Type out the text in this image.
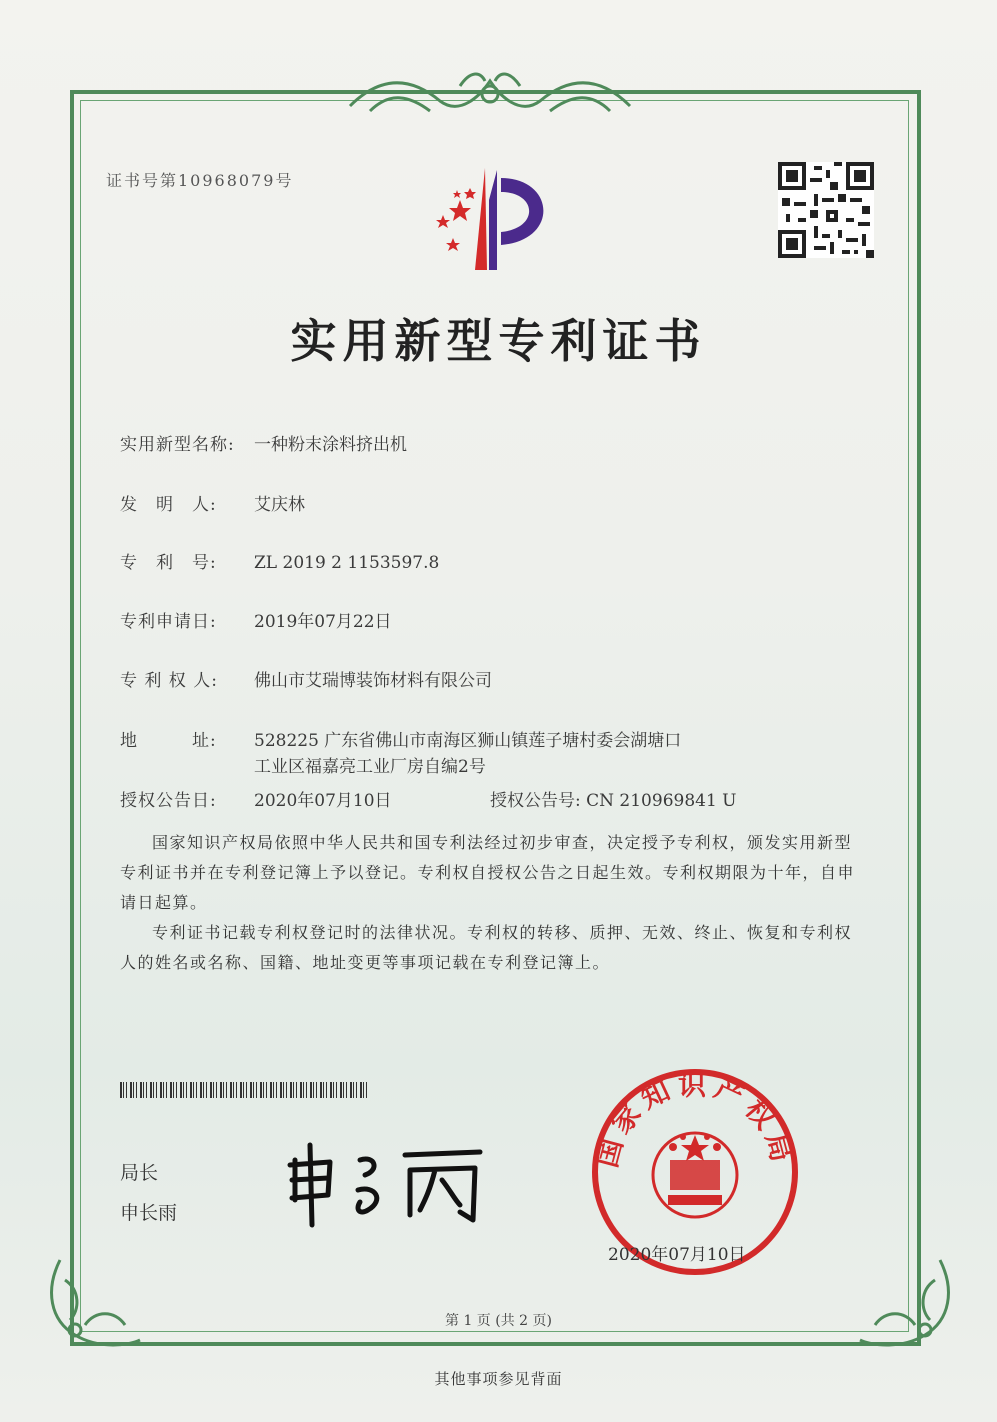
证书号第10968079号
实用新型专利证书
实用新型名称: 一种粉末涂料挤出机
发　明　人: 艾庆林
专　利　号: ZL 2019 2 1153597.8
专利申请日: 2019年07月22日
专 利 权 人: 佛山市艾瑞博装饰材料有限公司
地　　　址: 528225 广东省佛山市南海区狮山镇莲子塘村委会湖塘口
工业区福嘉亮工业厂房自编2号
授权公告日: 2020年07月10日	授权公告号: CN 210969841 U
国家知识产权局依照中华人民共和国专利法经过初步审查，决定授予专利权，颁发实用新型专利证书并在专利登记簿上予以登记。专利权自授权公告之日起生效。专利权期限为十年，自申请日起算。
专利证书记载专利权登记时的法律状况。专利权的转移、质押、无效、终止、恢复和专利权人的姓名或名称、国籍、地址变更等事项记载在专利登记簿上。
局长
申长雨
国家知识产权局
2020年07月10日
第 1 页 (共 2 页)
其他事项参见背面
